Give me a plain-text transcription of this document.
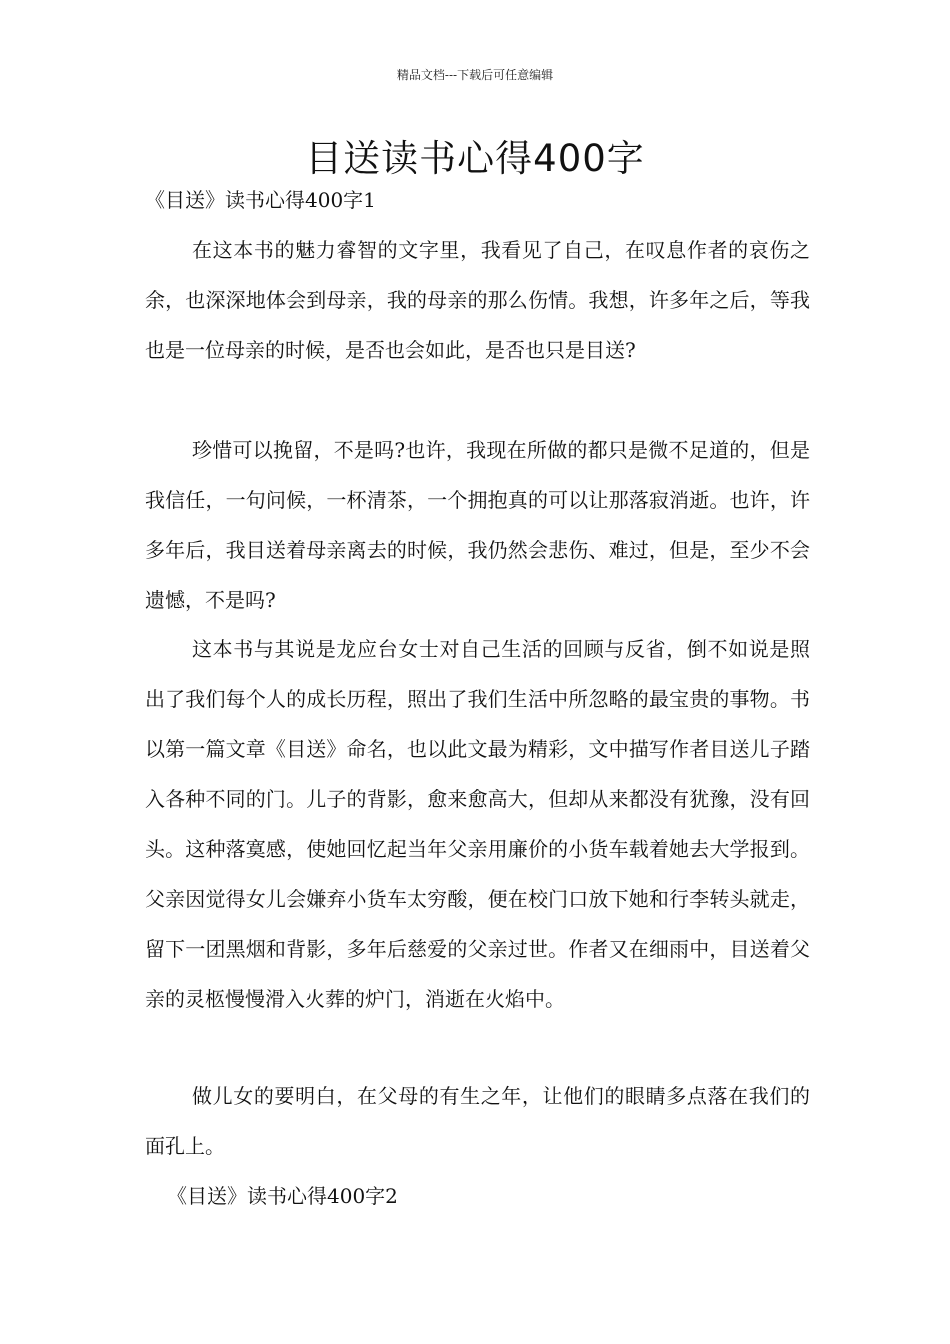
精品文档---下载后可任意编辑
目送读书心得400字

《目送》读书心得400字1

在这本书的魅力睿智的文字里，我看见了自己，在叹息作者的哀伤之余，也深深地体会到母亲，我的母亲的那么伤情。我想，许多年之后，等我也是一位母亲的时候，是否也会如此，是否也只是目送?

珍惜可以挽留，不是吗?也许，我现在所做的都只是微不足道的，但是我信任，一句问候，一杯清茶，一个拥抱真的可以让那落寂消逝。也许，许多年后，我目送着母亲离去的时候，我仍然会悲伤、难过，但是，至少不会遗憾，不是吗?

这本书与其说是龙应台女士对自己生活的回顾与反省，倒不如说是照出了我们每个人的成长历程，照出了我们生活中所忽略的最宝贵的事物。书以第一篇文章《目送》命名，也以此文最为精彩，文中描写作者目送儿子踏入各种不同的门。儿子的背影，愈来愈高大，但却从来都没有犹豫，没有回头。这种落寞感，使她回忆起当年父亲用廉价的小货车载着她去大学报到。父亲因觉得女儿会嫌弃小货车太穷酸，便在校门口放下她和行李转头就走，留下一团黑烟和背影，多年后慈爱的父亲过世。作者又在细雨中，目送着父亲的灵柩慢慢滑入火葬的炉门，消逝在火焰中。

做儿女的要明白，在父母的有生之年，让他们的眼睛多点落在我们的面孔上。

《目送》读书心得400字2
